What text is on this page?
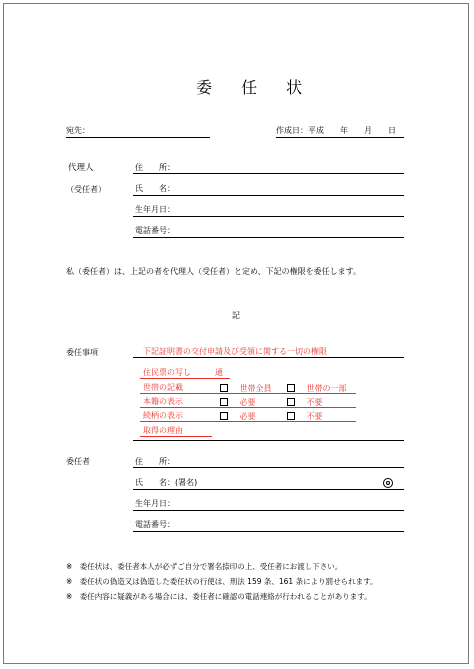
委 任 状
宛先：	作成日：平成　　年　　月　　日
代理人
（受任者）
住　　所：
氏　　名：
生年月日：
電話番号：
私（委任者）は、上記の者を代理人（受任者）と定め、下記の権限を委任します。
記
委任事項	下記証明書の交付申請及び受領に関する一切の権限
住民票の写し　　　通
世帯の記載	世帯全員	世帯の一部
本籍の表示	必要	不要
続柄の表示	必要	不要
取得の理由
委任者	住　　所：
氏　　名：(署名)
生年月日：
電話番号：
※　委任状は、委任者本人が必ずご自分で署名捺印の上、受任者にお渡し下さい。
※　委任状の偽造又は偽造した委任状の行使は、刑法 159 条、161 条により罰せられます。
※　委任内容に疑義がある場合には、委任者に確認の電話連絡が行われることがあります。
